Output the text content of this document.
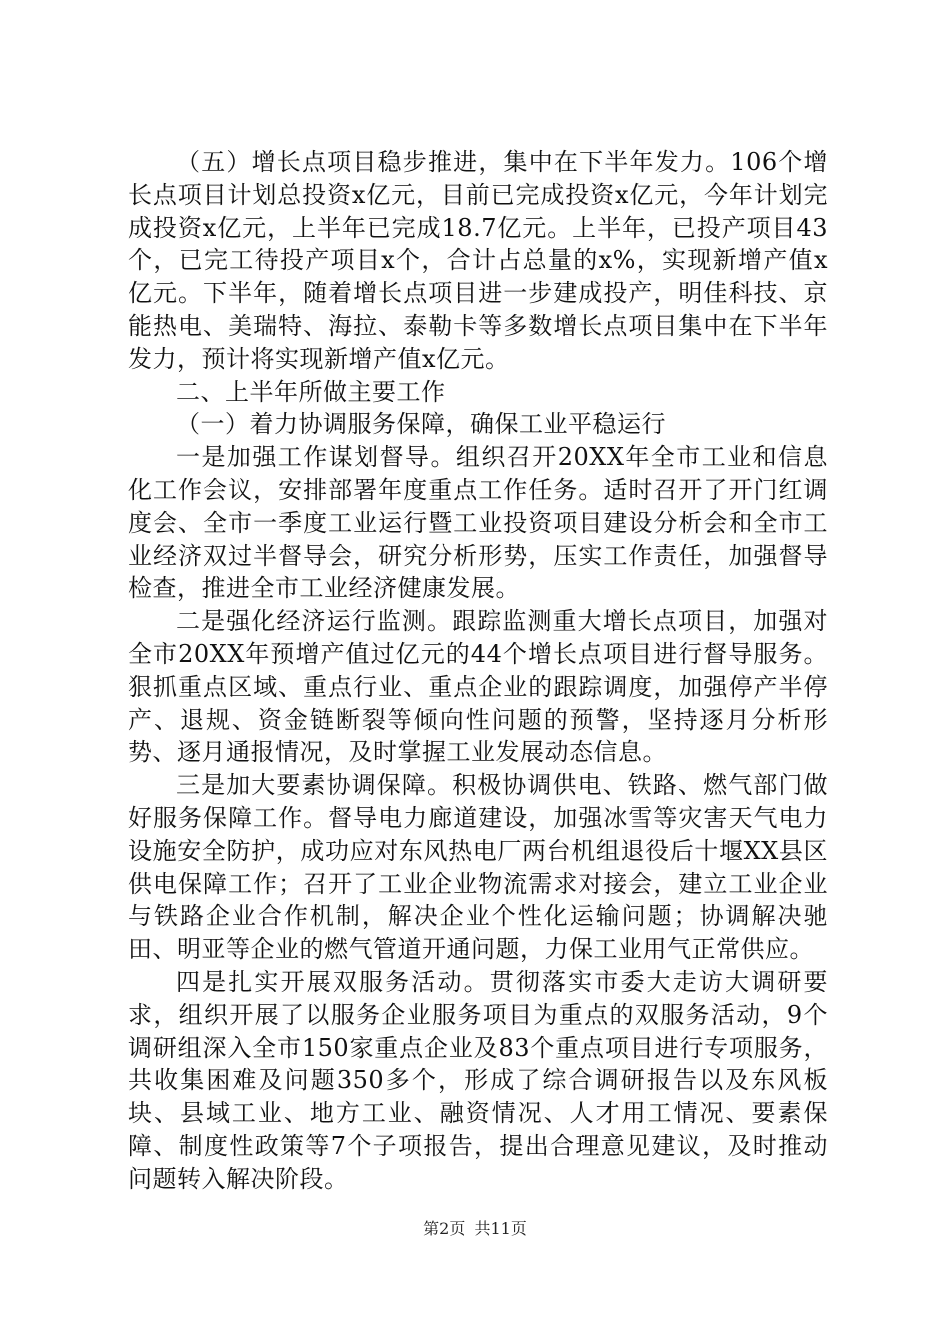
（五）增长点项目稳步推进，集中在下半年发力。106个增长点项目计划总投资x亿元，目前已完成投资x亿元，今年计划完成投资x亿元，上半年已完成18.7亿元。上半年，已投产项目43个，已完工待投产项目x个，合计占总量的x%，实现新增产值x亿元。下半年，随着增长点项目进一步建成投产，明佳科技、京能热电、美瑞特、海拉、泰勒卡等多数增长点项目集中在下半年发力，预计将实现新增产值x亿元。

二、上半年所做主要工作

（一）着力协调服务保障，确保工业平稳运行

一是加强工作谋划督导。组织召开20XX年全市工业和信息化工作会议，安排部署年度重点工作任务。适时召开了开门红调度会、全市一季度工业运行暨工业投资项目建设分析会和全市工业经济双过半督导会，研究分析形势，压实工作责任，加强督导检查，推进全市工业经济健康发展。

二是强化经济运行监测。跟踪监测重大增长点项目，加强对全市20XX年预增产值过亿元的44个增长点项目进行督导服务。狠抓重点区域、重点行业、重点企业的跟踪调度，加强停产半停产、退规、资金链断裂等倾向性问题的预警，坚持逐月分析形势、逐月通报情况，及时掌握工业发展动态信息。

三是加大要素协调保障。积极协调供电、铁路、燃气部门做好服务保障工作。督导电力廊道建设，加强冰雪等灾害天气电力设施安全防护，成功应对东风热电厂两台机组退役后十堰XX县区供电保障工作；召开了工业企业物流需求对接会，建立工业企业与铁路企业合作机制，解决企业个性化运输问题；协调解决驰田、明亚等企业的燃气管道开通问题，力保工业用气正常供应。

四是扎实开展双服务活动。贯彻落实市委大走访大调研要求，组织开展了以服务企业服务项目为重点的双服务活动，9个调研组深入全市150家重点企业及83个重点项目进行专项服务，共收集困难及问题350多个，形成了综合调研报告以及东风板块、县域工业、地方工业、融资情况、人才用工情况、要素保障、制度性政策等7个子项报告，提出合理意见建议，及时推动问题转入解决阶段。

第2页 共11页
